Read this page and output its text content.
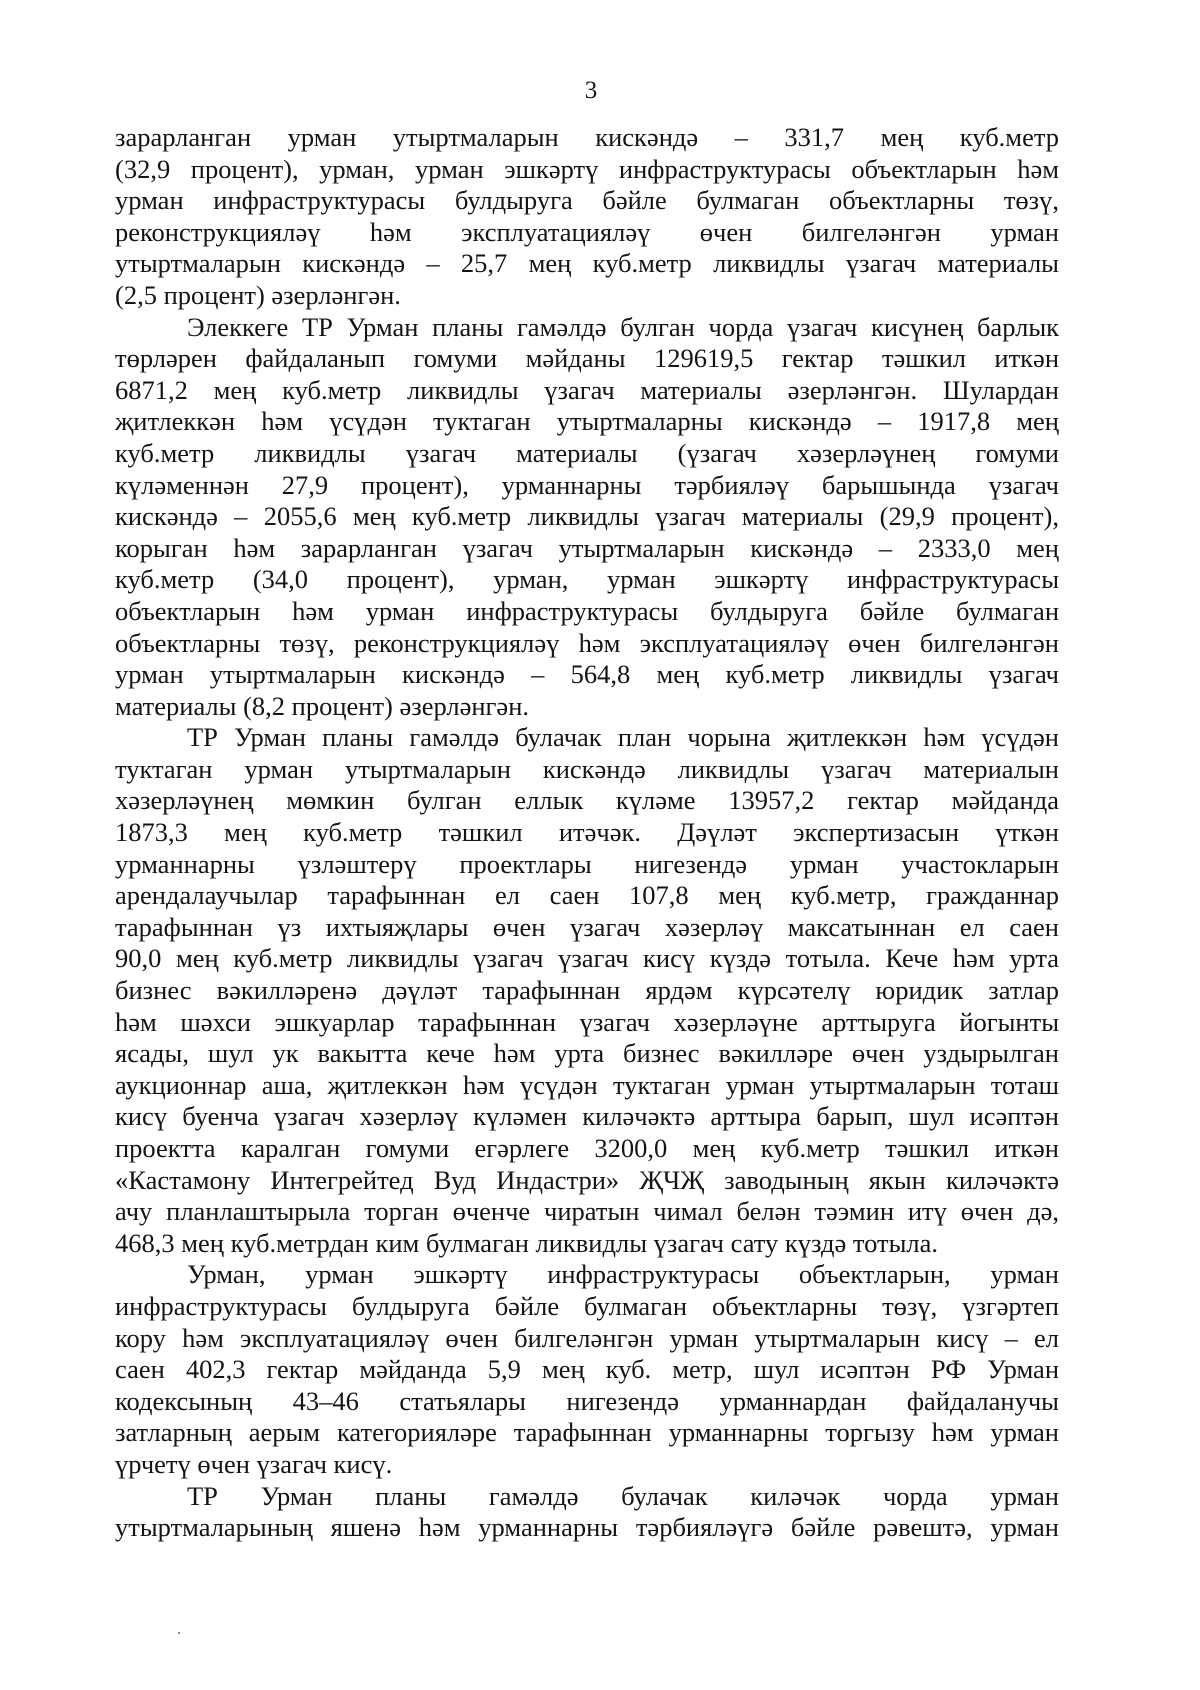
3
зарарланган урман утыртмаларын кискәндә – 331,7 мең куб.метр
(32,9 процент), урман, урман эшкәртү инфраструктурасы объектларын һәм
урман инфраструктурасы булдыруга бәйле булмаган объектларны төзү,
реконструкцияләү һәм эксплуатацияләү өчен билгеләнгән урман
утыртмаларын кискәндә – 25,7 мең куб.метр ликвидлы үзагач материалы
(2,5 процент) әзерләнгән.
Элеккеге ТР Урман планы гамәлдә булган чорда үзагач кисүнең барлык
төрләрен файдаланып гомуми мәйданы 129619,5 гектар тәшкил иткән
6871,2 мең куб.метр ликвидлы үзагач материалы әзерләнгән. Шулардан
җитлеккән һәм үсүдән туктаган утыртмаларны кискәндә – 1917,8 мең
куб.метр ликвидлы үзагач материалы (үзагач хәзерләүнең гомуми
күләменнән 27,9 процент), урманнарны тәрбияләү барышында үзагач
кискәндә – 2055,6 мең куб.метр ликвидлы үзагач материалы (29,9 процент),
корыган һәм зарарланган үзагач утыртмаларын кискәндә – 2333,0 мең
куб.метр (34,0 процент), урман, урман эшкәртү инфраструктурасы
объектларын һәм урман инфраструктурасы булдыруга бәйле булмаган
объектларны төзү, реконструкцияләү һәм эксплуатацияләү өчен билгеләнгән
урман утыртмаларын кискәндә – 564,8 мең куб.метр ликвидлы үзагач
материалы (8,2 процент) әзерләнгән.
ТР Урман планы гамәлдә булачак план чорына җитлеккән һәм үсүдән
туктаган урман утыртмаларын кискәндә ликвидлы үзагач материалын
хәзерләүнең мөмкин булган еллык күләме 13957,2 гектар мәйданда
1873,3 мең куб.метр тәшкил итәчәк. Дәүләт экспертизасын үткән
урманнарны үзләштерү проектлары нигезендә урман участокларын
арендалаучылар тарафыннан ел саен 107,8 мең куб.метр, гражданнар
тарафыннан үз ихтыяҗлары өчен үзагач хәзерләү максатыннан ел саен
90,0 мең куб.метр ликвидлы үзагач үзагач кисү күздә тотыла. Кече һәм урта
бизнес вәкилләренә дәүләт тарафыннан ярдәм күрсәтелү юридик затлар
һәм шәхси эшкуарлар тарафыннан үзагач хәзерләүне арттыруга йогынты
ясады, шул ук вакытта кече һәм урта бизнес вәкилләре өчен уздырылган
аукционнар аша, җитлеккән һәм үсүдән туктаган урман утыртмаларын тоташ
кисү буенча үзагач хәзерләү күләмен киләчәктә арттыра барып, шул исәптән
проектта каралган гомуми егәрлеге 3200,0 мең куб.метр тәшкил иткән
«Кастамону Интегрейтед Вуд Индастри» ҖЧҖ заводының якын киләчәктә
ачу планлаштырыла торган өченче чиратын чимал белән тәэмин итү өчен дә,
468,3 мең куб.метрдан ким булмаган ликвидлы үзагач сату күздә тотыла.
Урман, урман эшкәртү инфраструктурасы объектларын, урман
инфраструктурасы булдыруга бәйле булмаган объектларны төзү, үзгәртеп
кору һәм эксплуатацияләү өчен билгеләнгән урман утыртмаларын кисү – ел
саен 402,3 гектар мәйданда 5,9 мең куб. метр, шул исәптән РФ Урман
кодексының 43–46 статьялары нигезендә урманнардан файдаланучы
затларның аерым категорияләре тарафыннан урманнарны торгызу һәм урман
үрчетү өчен үзагач кисү.
ТР Урман планы гамәлдә булачак киләчәк чорда урман
утыртмаларының яшенә һәм урманнарны тәрбияләүгә бәйле рәвештә, урман
